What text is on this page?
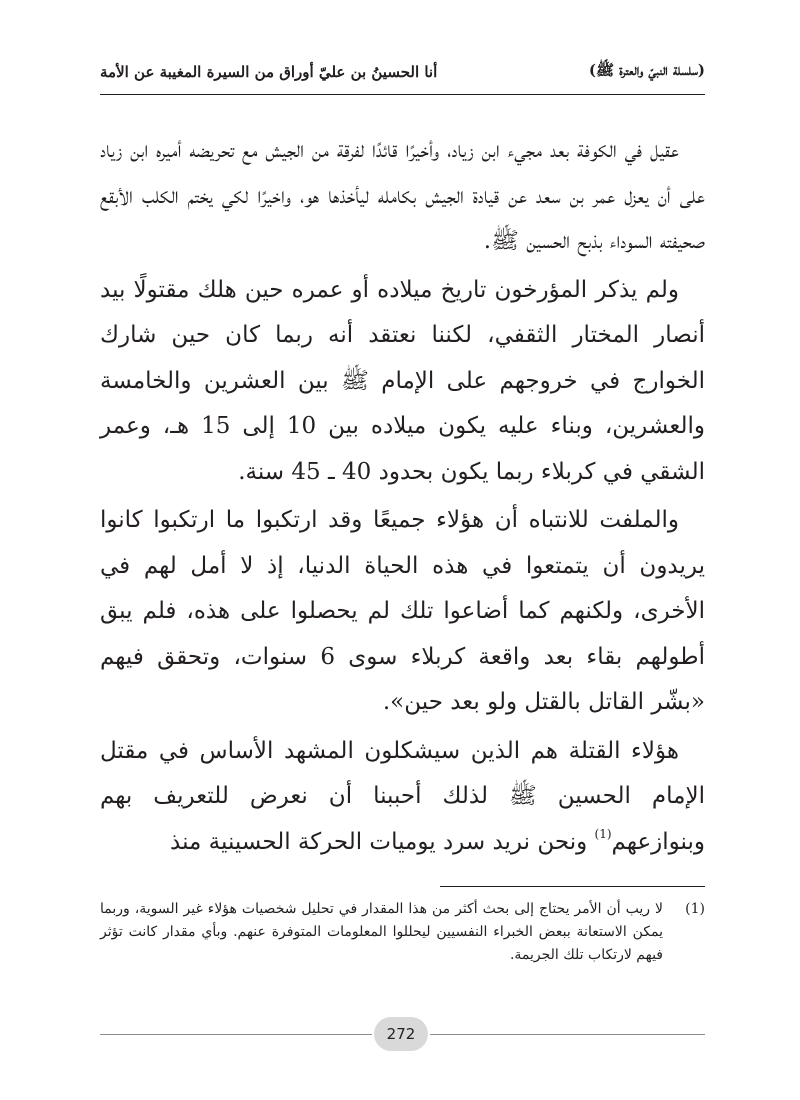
(سلسلة النبيّ والعترة ﷺ)
أنا الحسينُ بن عليّ أوراق من السيرة المغيبة عن الأمة

عقيل في الكوفة بعد مجيء ابن زياد، وأخيرًا قائدًا لفرقة من الجيش مع تحريضه أميره ابن زياد على أن يعزل عمر بن سعد عن قيادة الجيش بكامله ليأخذها هو، واخيرًا لكي يختم الكلب الأبقع صحيفته السوداء بذبح الحسين ﷺ.

ولم يذكر المؤرخون تاريخ ميلاده أو عمره حين هلك مقتولًا بيد أنصار المختار الثقفي، لكننا نعتقد أنه ربما كان حين شارك الخوارج في خروجهم على الإمام ﷺ بين العشرين والخامسة والعشرين، وبناء عليه يكون ميلاده بين 10 إلى 15 هـ، وعمر الشقي في كربلاء ربما يكون بحدود 40 ـ 45 سنة.

والملفت للانتباه أن هؤلاء جميعًا وقد ارتكبوا ما ارتكبوا كانوا يريدون أن يتمتعوا في هذه الحياة الدنيا، إذ لا أمل لهم في الأخرى، ولكنهم كما أضاعوا تلك لم يحصلوا على هذه، فلم يبق أطولهم بقاء بعد واقعة كربلاء سوى 6 سنوات، وتحقق فيهم «بشّر القاتل بالقتل ولو بعد حين».

هؤلاء القتلة هم الذين سيشكلون المشهد الأساس في مقتل الإمام الحسين ﷺ لذلك أحببنا أن نعرض للتعريف بهم وبنوازعهم$^{(1)}$ ونحن نريد سرد يوميات الحركة الحسينية منذ

(1)
لا ريب أن الأمر يحتاج إلى بحث أكثر من هذا المقدار في تحليل شخصيات هؤلاء غير السوية، وربما يمكن الاستعانة ببعض الخبراء النفسيين ليحللوا المعلومات المتوفرة عنهم. وبأي مقدار كانت تؤثر فيهم لارتكاب تلك الجريمة.
272
